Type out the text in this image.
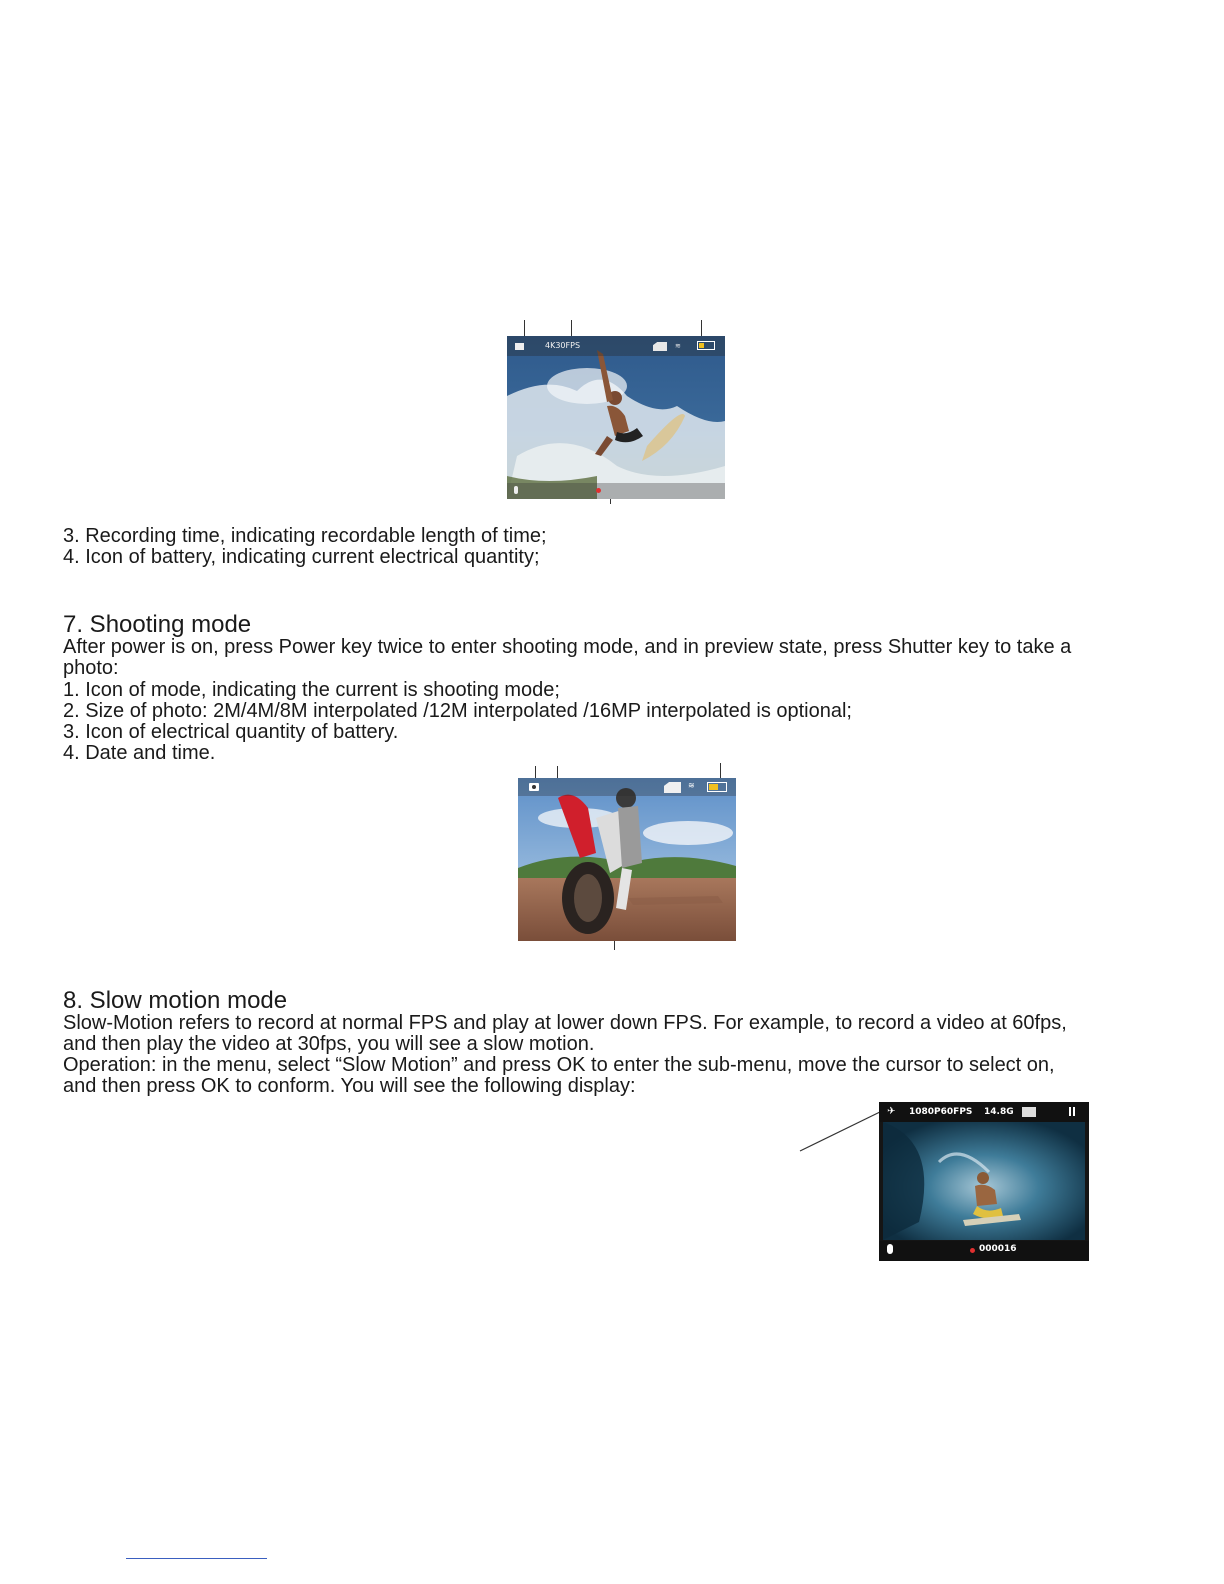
4K30FPS	≋
3. Recording time, indicating recordable length of time;
4. Icon of battery, indicating current electrical quantity;
7. Shooting mode
After power is on, press Power key twice to enter shooting mode, and in preview state, press Shutter key to take a
photo:
1. Icon of mode, indicating the current is shooting mode;
2. Size of photo: 2M/4M/8M interpolated /12M interpolated /16MP interpolated is optional;
3. Icon of electrical quantity of battery.
4. Date and time.
≋
8. Slow motion mode
Slow-Motion refers to record at normal FPS and play at lower down FPS. For example, to record a video at 60fps,
and then play the video at 30fps, you will see a slow motion.
Operation: in the menu, select “Slow Motion” and press OK to enter the sub-menu, move the cursor to select on,
and then press OK to conform. You will see the following display:
✈	1080P60FPS 14.8G
000016
